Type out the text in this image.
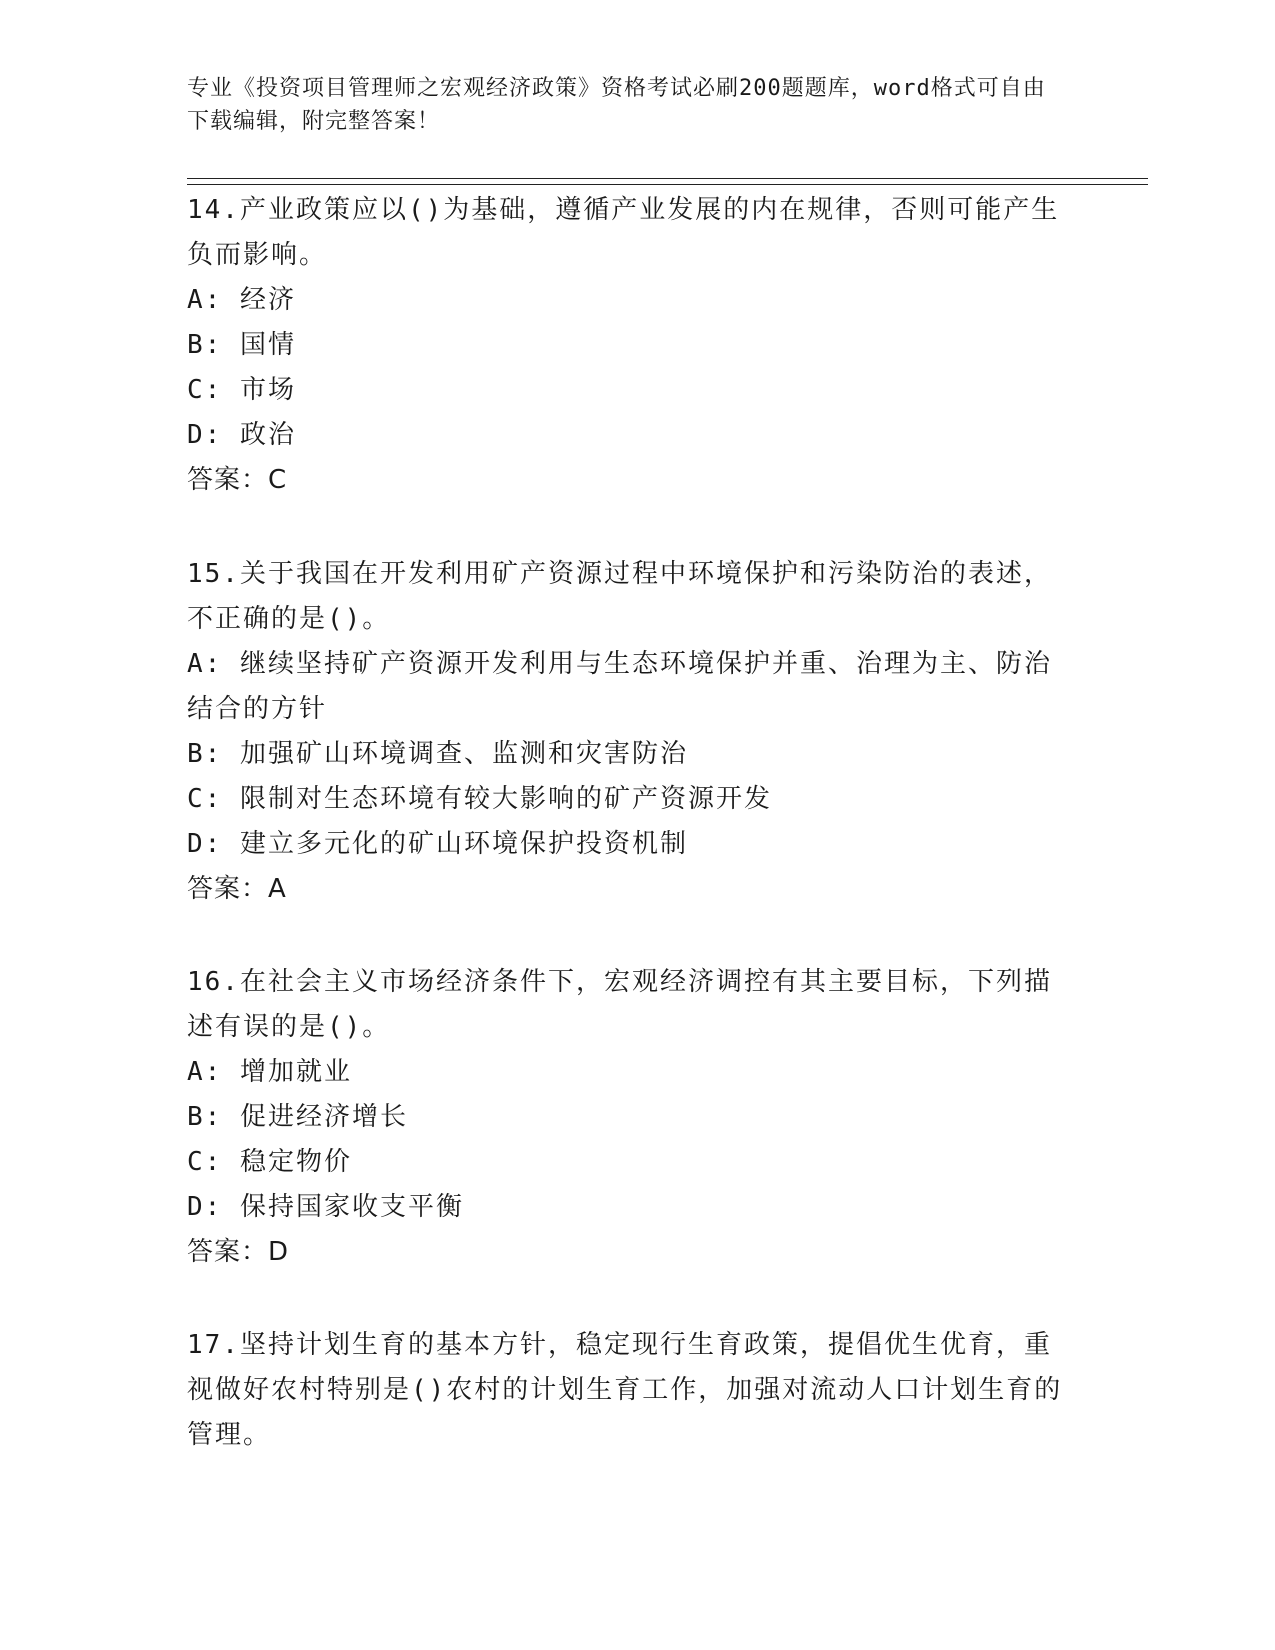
专业《投资项目管理师之宏观经济政策》资格考试必刷200题题库，word格式可自由下载编辑，附完整答案！
14.产业政策应以()为基础，遵循产业发展的内在规律，否则可能产生负而影响。
A: 经济
B: 国情
C: 市场
D: 政治
答案：C
15.关于我国在开发利用矿产资源过程中环境保护和污染防治的表述，不正确的是()。
A: 继续坚持矿产资源开发利用与生态环境保护并重、治理为主、防治结合的方针
B: 加强矿山环境调查、监测和灾害防治
C: 限制对生态环境有较大影响的矿产资源开发
D: 建立多元化的矿山环境保护投资机制
答案：A
16.在社会主义市场经济条件下，宏观经济调控有其主要目标，下列描述有误的是()。
A: 增加就业
B: 促进经济增长
C: 稳定物价
D: 保持国家收支平衡
答案：D
17.坚持计划生育的基本方针，稳定现行生育政策，提倡优生优育，重视做好农村特别是()农村的计划生育工作，加强对流动人口计划生育的管理。
